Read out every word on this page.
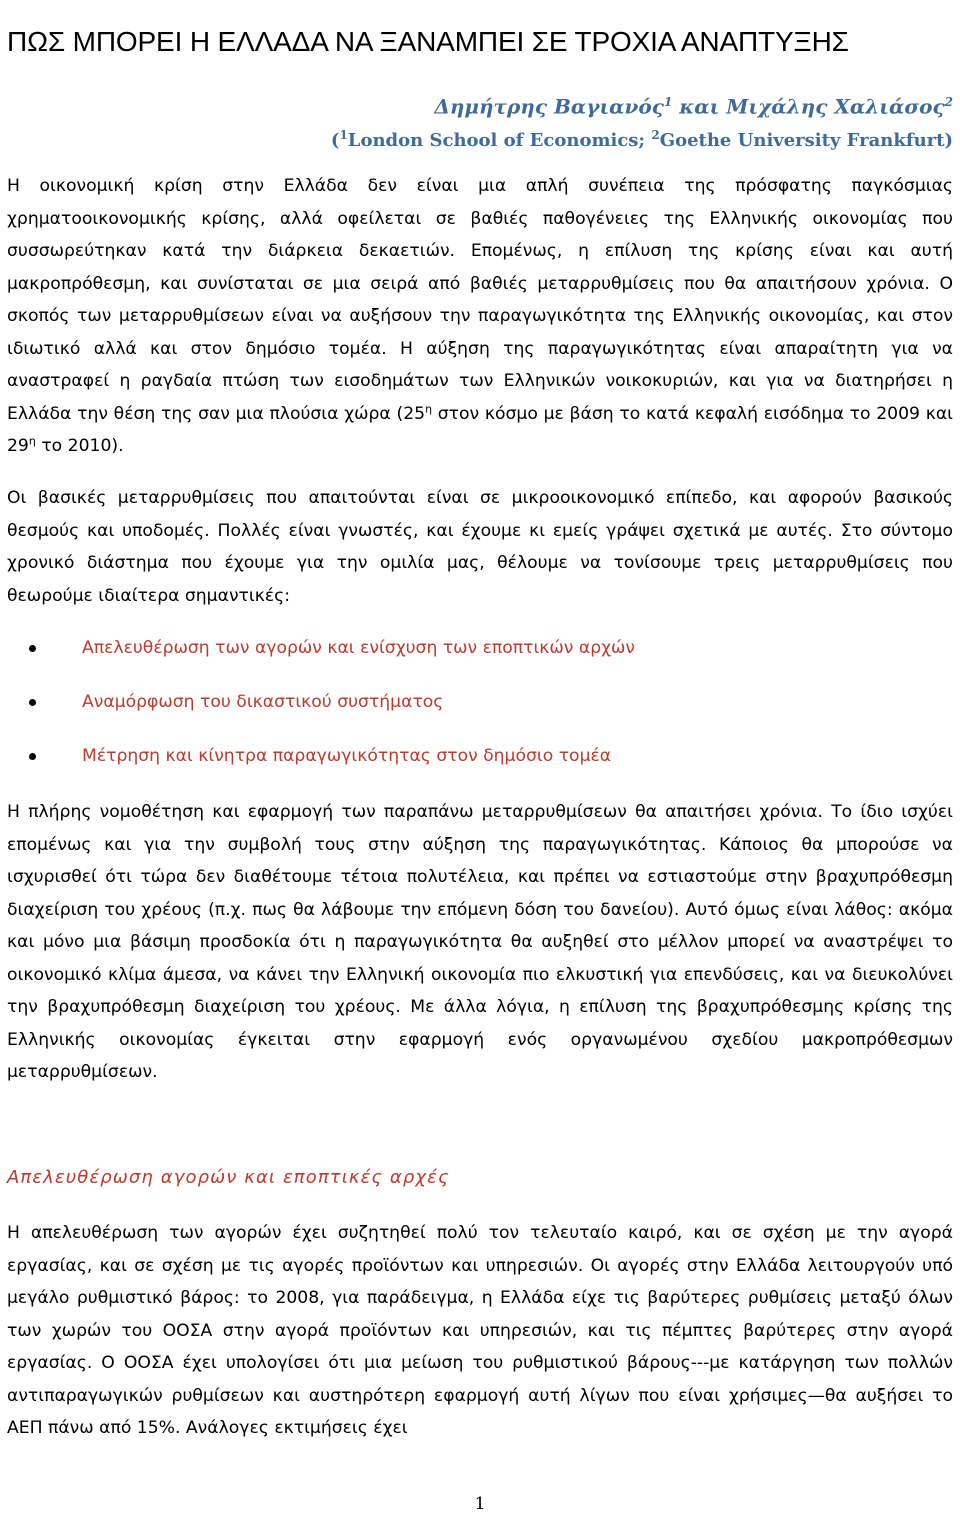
ΠΩΣ ΜΠΟΡΕΙ Η ΕΛΛΑΔΑ ΝΑ ΞΑΝΑΜΠΕΙ ΣΕ ΤΡΟΧΙΑ ΑΝΑΠΤΥΞΗΣ
Δημήτρης Βαγιανός$^1$ και Μιχάλης Χαλιάσος$^2$
($^1$London School of Economics; $^2$Goethe University Frankfurt)
Η οικονομική κρίση στην Ελλάδα δεν είναι μια απλή συνέπεια της πρόσφατης παγκόσμιας χρηματοοικονομικής κρίσης, αλλά οφείλεται σε βαθιές παθογένειες της Ελληνικής οικονομίας που συσσωρεύτηκαν κατά την διάρκεια δεκαετιών. Επομένως, η επίλυση της κρίσης είναι και αυτή μακροπρόθεσμη, και συνίσταται σε μια σειρά από βαθιές μεταρρυθμίσεις που θα απαιτήσουν χρόνια. Ο σκοπός των μεταρρυθμίσεων είναι να αυξήσουν την παραγωγικότητα της Ελληνικής οικονομίας, και στον ιδιωτικό αλλά και στον δημόσιο τομέα. Η αύξηση της παραγωγικότητας είναι απαραίτητη για να αναστραφεί η ραγδαία πτώση των εισοδημάτων των Ελληνικών νοικοκυριών, και για να διατηρήσει η Ελλάδα την θέση της σαν μια πλούσια χώρα ($25^\eta$ στον κόσμο με βάση το κατά κεφαλή εισόδημα το 2009 και $29^\eta$ το 2010).
Οι βασικές μεταρρυθμίσεις που απαιτούνται είναι σε μικροοικονομικό επίπεδο, και αφορούν βασικούς θεσμούς και υποδομές. Πολλές είναι γνωστές, και έχουμε κι εμείς γράψει σχετικά με αυτές. Στο σύντομο χρονικό διάστημα που έχουμε για την ομιλία μας, θέλουμε να τονίσουμε τρεις μεταρρυθμίσεις που θεωρούμε ιδιαίτερα σημαντικές:
Απελευθέρωση των αγορών και ενίσχυση των εποπτικών αρχών
Αναμόρφωση του δικαστικού συστήματος
Μέτρηση και κίνητρα παραγωγικότητας στον δημόσιο τομέα
Η πλήρης νομοθέτηση και εφαρμογή των παραπάνω μεταρρυθμίσεων θα απαιτήσει χρόνια. Το ίδιο ισχύει επομένως και για την συμβολή τους στην αύξηση της παραγωγικότητας. Κάποιος θα μπορούσε να ισχυρισθεί ότι τώρα δεν διαθέτουμε τέτοια πολυτέλεια, και πρέπει να εστιαστούμε στην βραχυπρόθεσμη διαχείριση του χρέους (π.χ. πως θα λάβουμε την επόμενη δόση του δανείου). Αυτό όμως είναι λάθος: ακόμα και μόνο μια βάσιμη προσδοκία ότι η παραγωγικότητα θα αυξηθεί στο μέλλον μπορεί να αναστρέψει το οικονομικό κλίμα άμεσα, να κάνει την Ελληνική οικονομία πιο ελκυστική για επενδύσεις, και να διευκολύνει την βραχυπρόθεσμη διαχείριση του χρέους. Με άλλα λόγια, η επίλυση της βραχυπρόθεσμης κρίσης της Ελληνικής οικονομίας έγκειται στην εφαρμογή ενός οργανωμένου σχεδίου μακροπρόθεσμων μεταρρυθμίσεων.
Απελευθέρωση αγορών και εποπτικές αρχές
Η απελευθέρωση των αγορών έχει συζητηθεί πολύ τον τελευταίο καιρό, και σε σχέση με την αγορά εργασίας, και σε σχέση με τις αγορές προϊόντων και υπηρεσιών. Οι αγορές στην Ελλάδα λειτουργούν υπό μεγάλο ρυθμιστικό βάρος: το 2008, για παράδειγμα, η Ελλάδα είχε τις βαρύτερες ρυθμίσεις μεταξύ όλων των χωρών του ΟΟΣΑ στην αγορά προϊόντων και υπηρεσιών, και τις πέμπτες βαρύτερες στην αγορά εργασίας. Ο ΟΟΣΑ έχει υπολογίσει ότι μια μείωση του ρυθμιστικού βάρους---με κατάργηση των πολλών αντιπαραγωγικών ρυθμίσεων και αυστηρότερη εφαρμογή αυτή λίγων που είναι χρήσιμες—θα αυξήσει το ΑΕΠ πάνω από 15%. Ανάλογες εκτιμήσεις έχει
1
